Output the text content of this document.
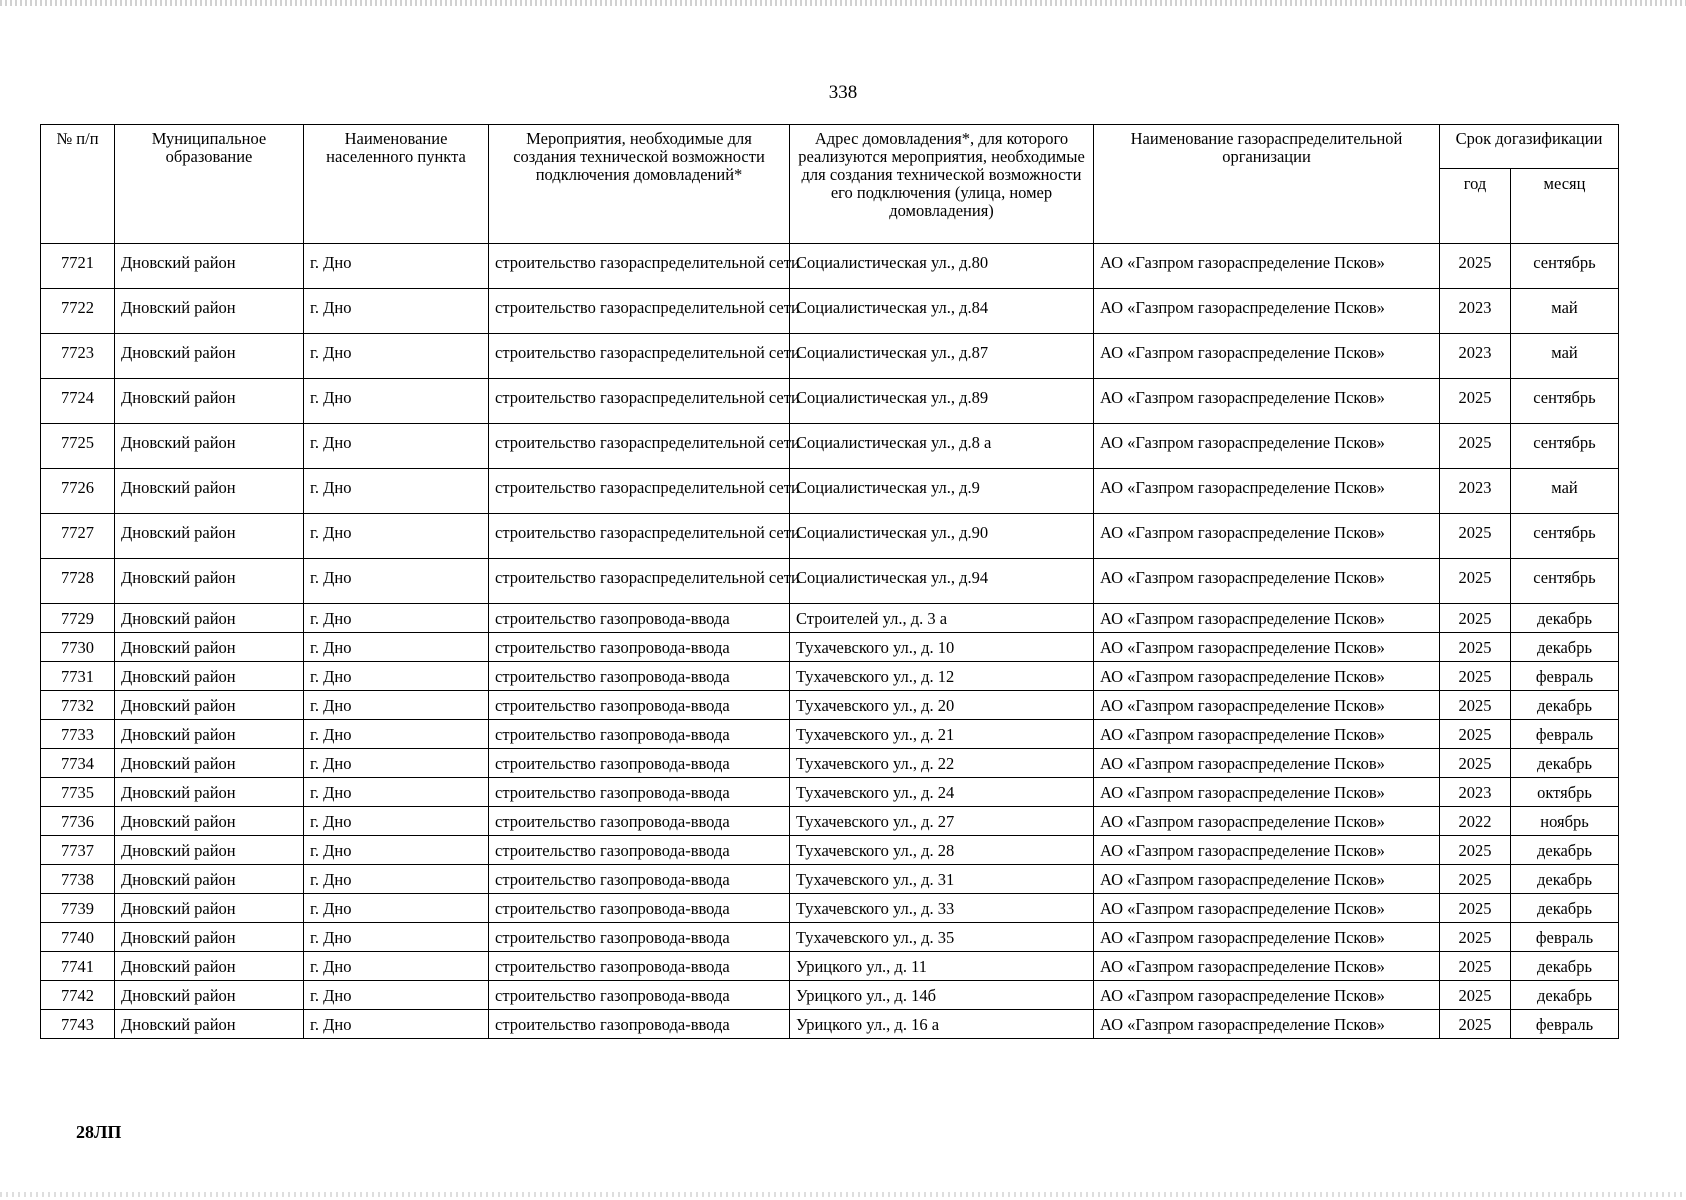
338
№ п/п	Муниципальное образование	Наименование населенного пункта	Мероприятия, необходимые для создания технической возможности подключения домовладений*	Адрес домовладения*, для которого реализуются мероприятия, необходимые для создания технической возможности его подключения (улица, номер домовладения)	Наименование газораспределительной организации	Срок догазификации	
						год	месяц
7721	Дновский район	г. Дно	строительство газораспределительной сети	Социалистическая ул., д.80	АО «Газпром газораспределение Псков»	2025	сентябрь
7722	Дновский район	г. Дно	строительство газораспределительной сети	Социалистическая ул., д.84	АО «Газпром газораспределение Псков»	2023	май
7723	Дновский район	г. Дно	строительство газораспределительной сети	Социалистическая ул., д.87	АО «Газпром газораспределение Псков»	2023	май
7724	Дновский район	г. Дно	строительство газораспределительной сети	Социалистическая ул., д.89	АО «Газпром газораспределение Псков»	2025	сентябрь
7725	Дновский район	г. Дно	строительство газораспределительной сети	Социалистическая ул., д.8 а	АО «Газпром газораспределение Псков»	2025	сентябрь
7726	Дновский район	г. Дно	строительство газораспределительной сети	Социалистическая ул., д.9	АО «Газпром газораспределение Псков»	2023	май
7727	Дновский район	г. Дно	строительство газораспределительной сети	Социалистическая ул., д.90	АО «Газпром газораспределение Псков»	2025	сентябрь
7728	Дновский район	г. Дно	строительство газораспределительной сети	Социалистическая ул., д.94	АО «Газпром газораспределение Псков»	2025	сентябрь
7729	Дновский район	г. Дно	строительство газопровода-ввода	Строителей ул., д. 3 а	АО «Газпром газораспределение Псков»	2025	декабрь
7730	Дновский район	г. Дно	строительство газопровода-ввода	Тухачевского ул., д. 10	АО «Газпром газораспределение Псков»	2025	декабрь
7731	Дновский район	г. Дно	строительство газопровода-ввода	Тухачевского ул., д. 12	АО «Газпром газораспределение Псков»	2025	февраль
7732	Дновский район	г. Дно	строительство газопровода-ввода	Тухачевского ул., д. 20	АО «Газпром газораспределение Псков»	2025	декабрь
7733	Дновский район	г. Дно	строительство газопровода-ввода	Тухачевского ул., д. 21	АО «Газпром газораспределение Псков»	2025	февраль
7734	Дновский район	г. Дно	строительство газопровода-ввода	Тухачевского ул., д. 22	АО «Газпром газораспределение Псков»	2025	декабрь
7735	Дновский район	г. Дно	строительство газопровода-ввода	Тухачевского ул., д. 24	АО «Газпром газораспределение Псков»	2023	октябрь
7736	Дновский район	г. Дно	строительство газопровода-ввода	Тухачевского ул., д. 27	АО «Газпром газораспределение Псков»	2022	ноябрь
7737	Дновский район	г. Дно	строительство газопровода-ввода	Тухачевского ул., д. 28	АО «Газпром газораспределение Псков»	2025	декабрь
7738	Дновский район	г. Дно	строительство газопровода-ввода	Тухачевского ул., д. 31	АО «Газпром газораспределение Псков»	2025	декабрь
7739	Дновский район	г. Дно	строительство газопровода-ввода	Тухачевского ул., д. 33	АО «Газпром газораспределение Псков»	2025	декабрь
7740	Дновский район	г. Дно	строительство газопровода-ввода	Тухачевского ул., д. 35	АО «Газпром газораспределение Псков»	2025	февраль
7741	Дновский район	г. Дно	строительство газопровода-ввода	Урицкого ул., д. 11	АО «Газпром газораспределение Псков»	2025	декабрь
7742	Дновский район	г. Дно	строительство газопровода-ввода	Урицкого ул., д. 14б	АО «Газпром газораспределение Псков»	2025	декабрь
7743	Дновский район	г. Дно	строительство газопровода-ввода	Урицкого ул., д. 16 а	АО «Газпром газораспределение Псков»	2025	февраль
28ЛП
